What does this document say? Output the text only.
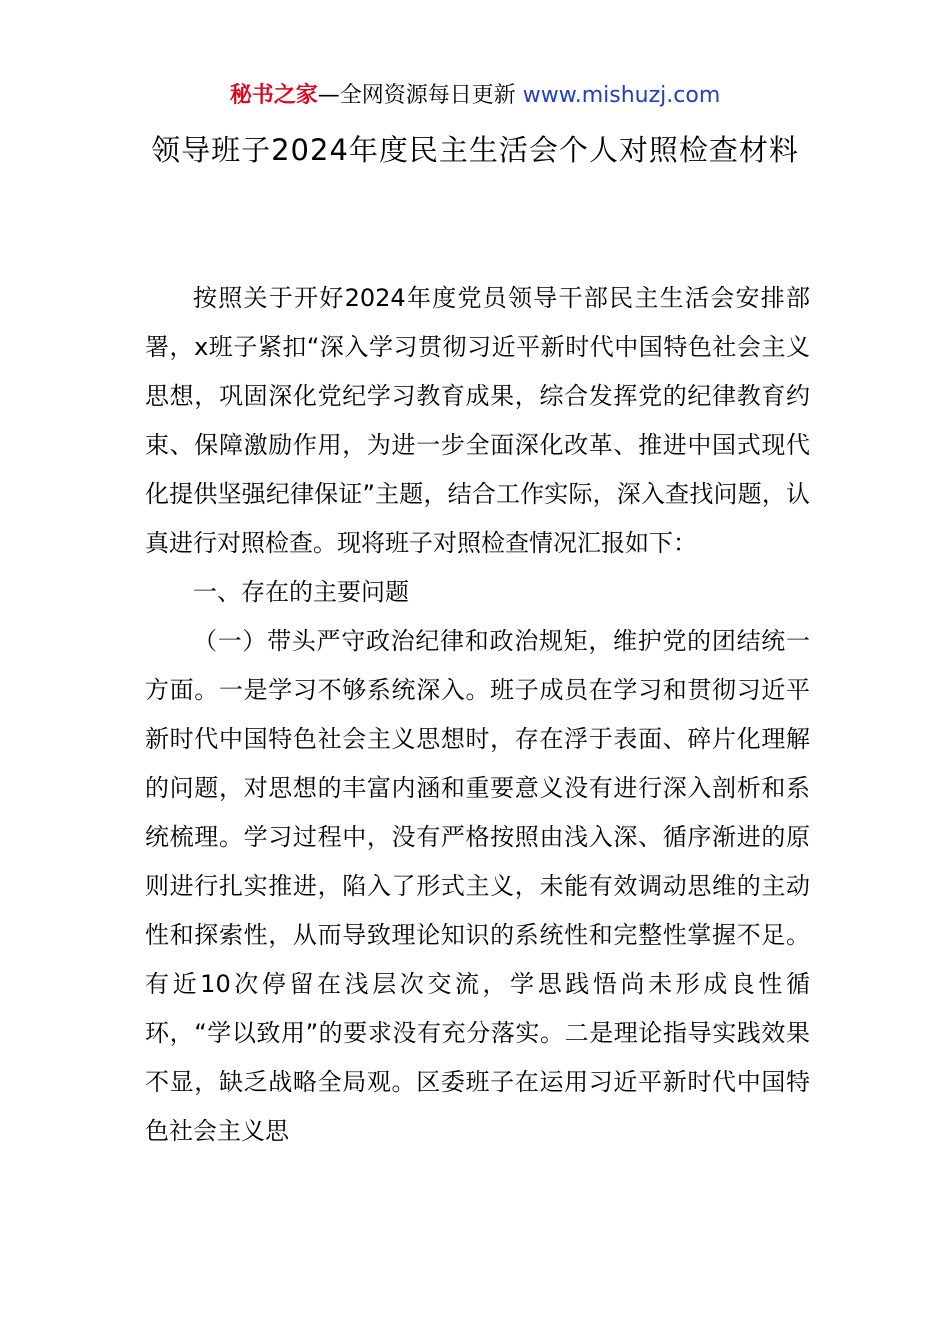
秘书之家—全网资源每日更新 www.mishuzj.com
领导班子2024年度民主生活会个人对照检查材料

按照关于开好2024年度党员领导干部民主生活会安排部署，x班子紧扣“深入学习贯彻习近平新时代中国特色社会主义思想，巩固深化党纪学习教育成果，综合发挥党的纪律教育约束、保障激励作用，为进一步全面深化改革、推进中国式现代化提供坚强纪律保证”主题，结合工作实际，深入查找问题，认真进行对照检查。现将班子对照检查情况汇报如下：

一、存在的主要问题

（一）带头严守政治纪律和政治规矩，维护党的团结统一方面。一是学习不够系统深入。班子成员在学习和贯彻习近平新时代中国特色社会主义思想时，存在浮于表面、碎片化理解的问题，对思想的丰富内涵和重要意义没有进行深入剖析和系统梳理。学习过程中，没有严格按照由浅入深、循序渐进的原则进行扎实推进，陷入了形式主义，未能有效调动思维的主动性和探索性，从而导致理论知识的系统性和完整性掌握不足。有近10次停留在浅层次交流，学思践悟尚未形成良性循环，“学以致用”的要求没有充分落实。二是理论指导实践效果不显，缺乏战略全局观。区委班子在运用习近平新时代中国特色社会主义思
